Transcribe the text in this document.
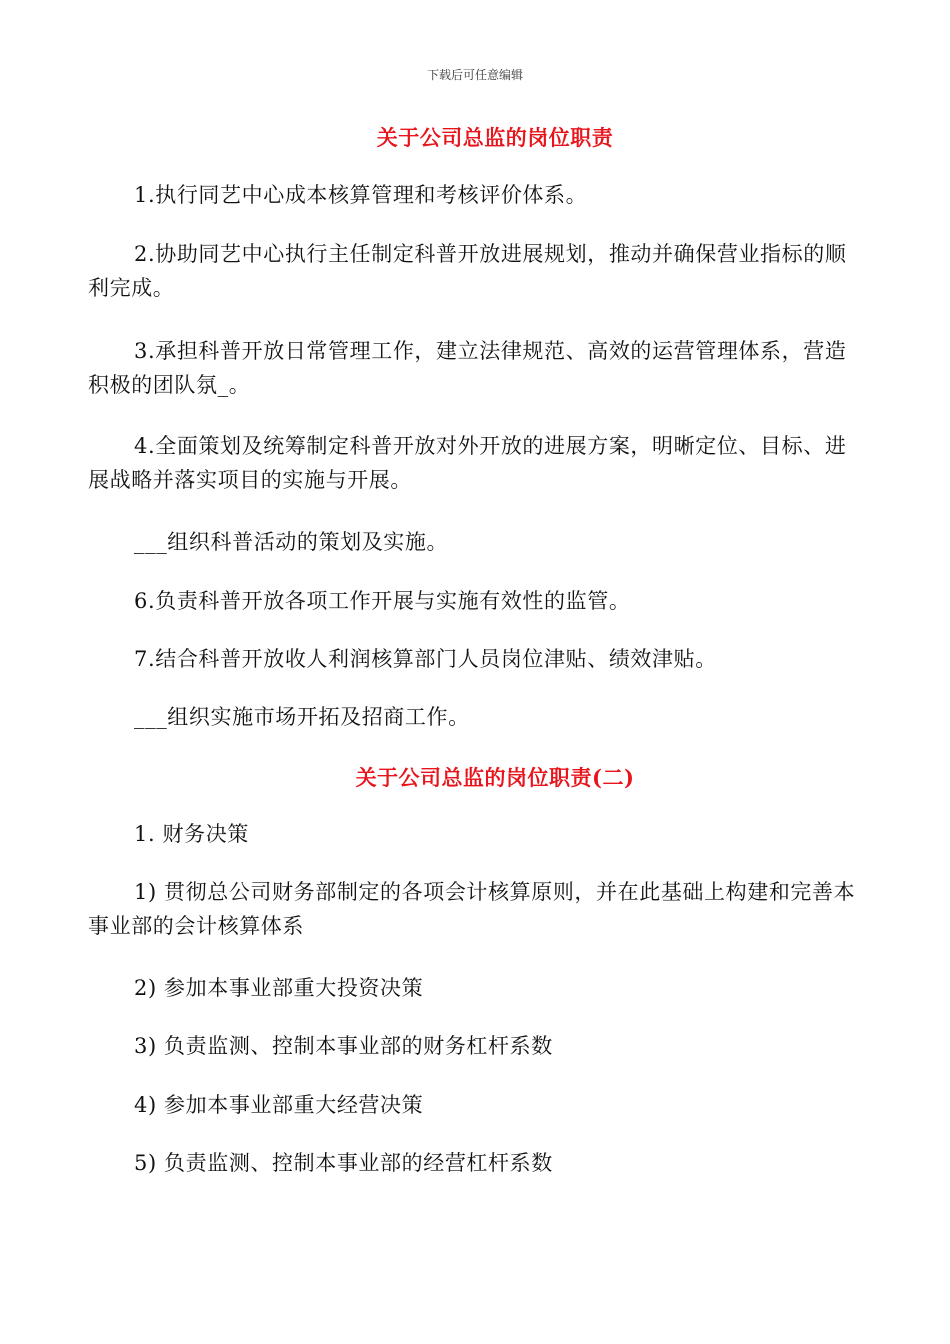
下载后可任意编辑
关于公司总监的岗位职责
1.执行同艺中心成本核算管理和考核评价体系。
2.协助同艺中心执行主任制定科普开放进展规划，推动并确保营业指标的顺利完成。
3.承担科普开放日常管理工作，建立法律规范、高效的运营管理体系，营造积极的团队氛_。
4.全面策划及统筹制定科普开放对外开放的进展方案，明晰定位、目标、进展战略并落实项目的实施与开展。
___组织科普活动的策划及实施。
6.负责科普开放各项工作开展与实施有效性的监管。
7.结合科普开放收人利润核算部门人员岗位津贴、绩效津贴。
___组织实施市场开拓及招商工作。
关于公司总监的岗位职责(二)
1. 财务决策
1) 贯彻总公司财务部制定的各项会计核算原则，并在此基础上构建和完善本事业部的会计核算体系
2) 参加本事业部重大投资决策
3) 负责监测、控制本事业部的财务杠杆系数
4) 参加本事业部重大经营决策
5) 负责监测、控制本事业部的经营杠杆系数
